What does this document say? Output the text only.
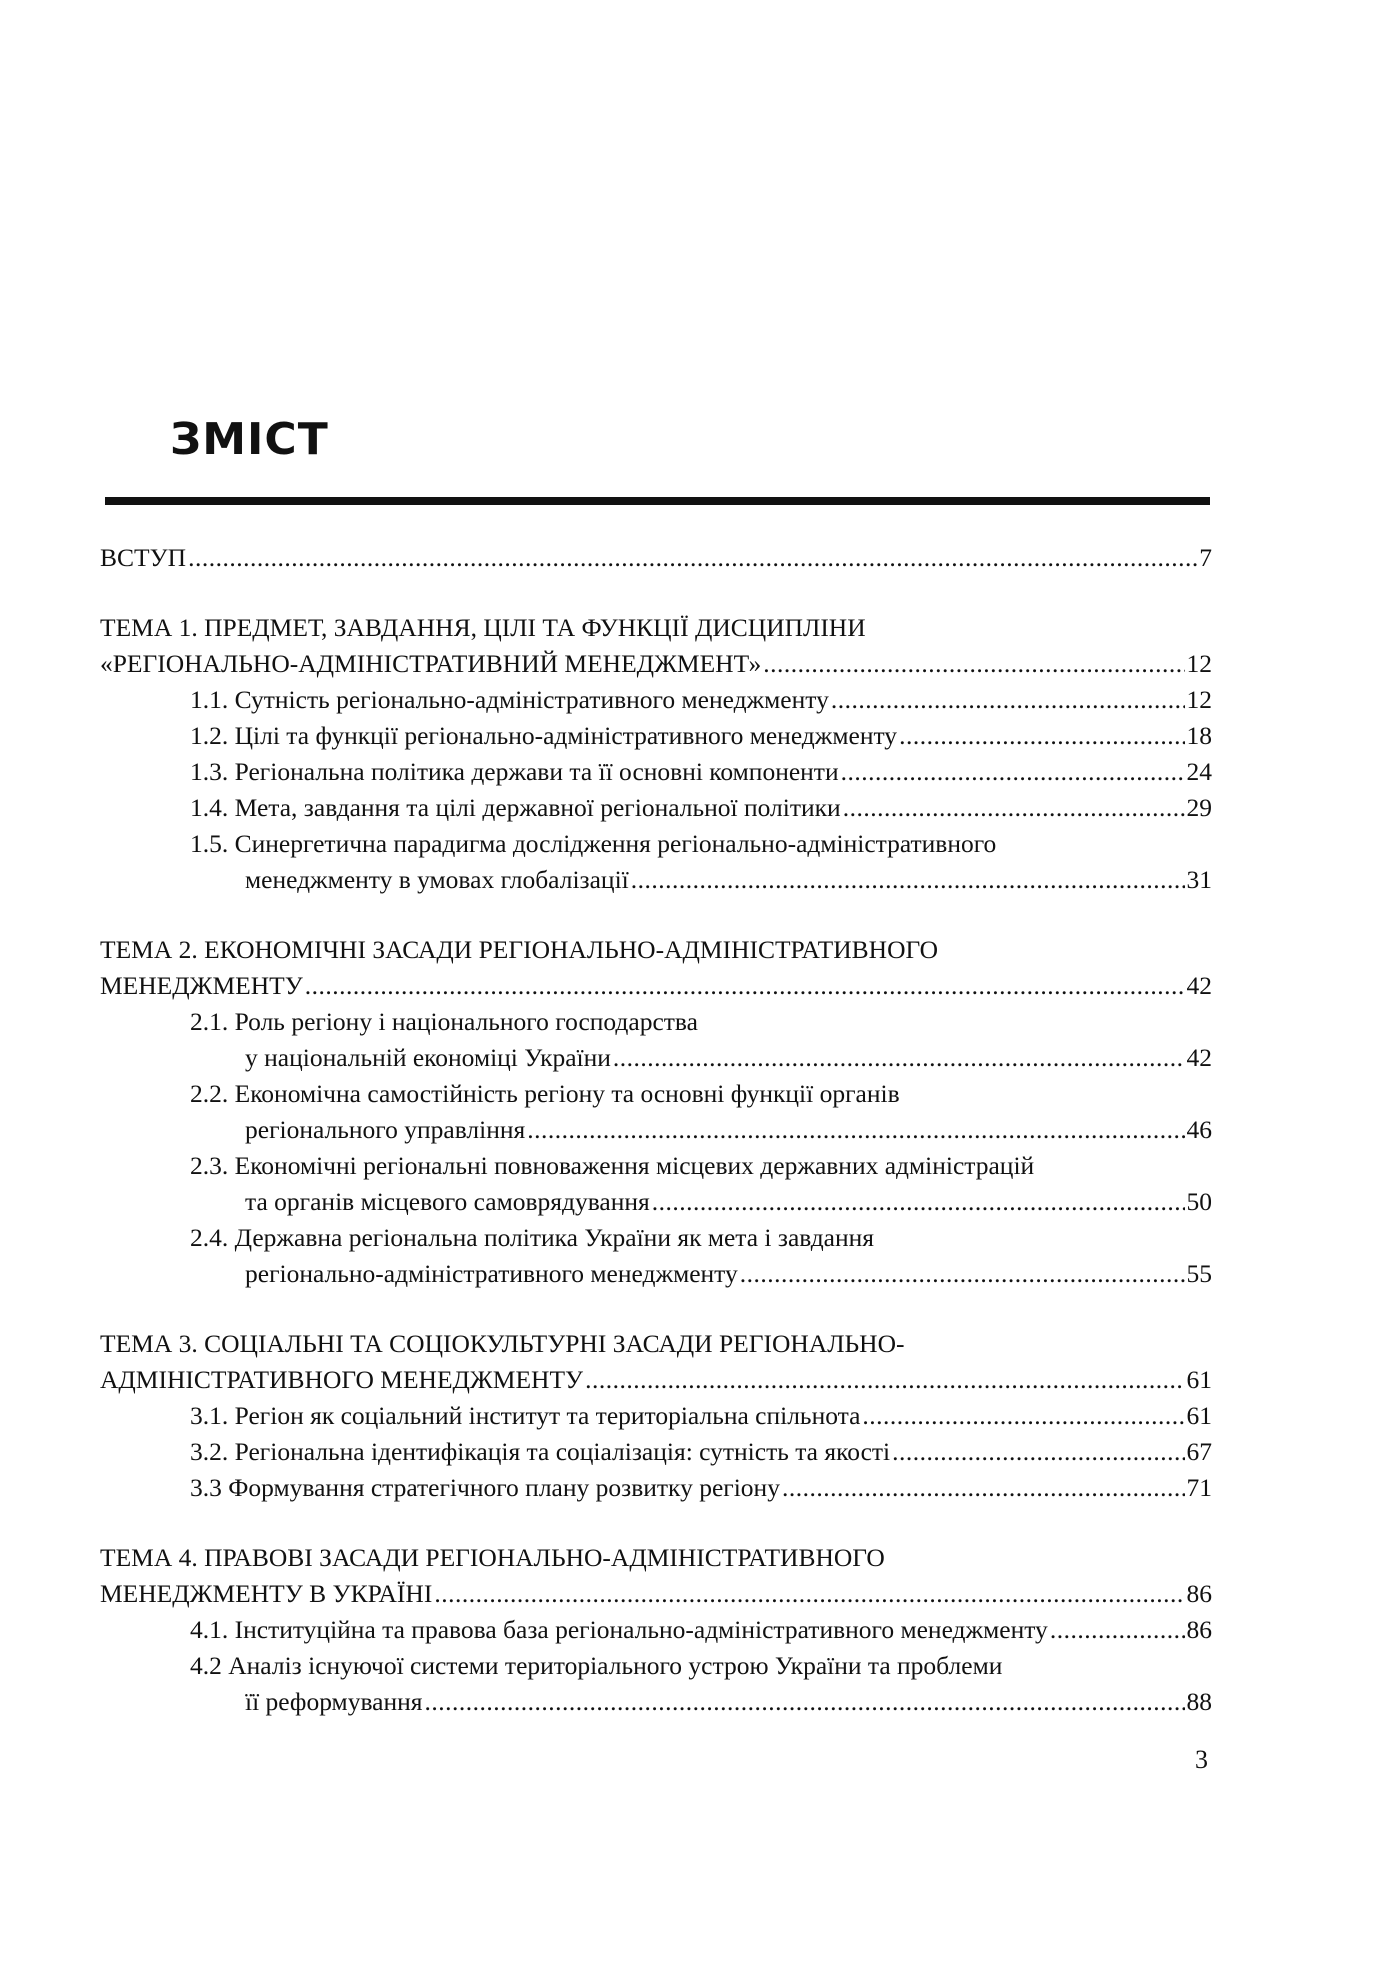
ЗМІСТ
ВСТУП .....	7
ТЕМА 1. ПРЕДМЕТ, ЗАВДАННЯ, ЦІЛІ ТА ФУНКЦІЇ ДИСЦИПЛІНИ
«РЕГІОНАЛЬНО-АДМІНІСТРАТИВНИЙ МЕНЕДЖМЕНТ» .....	12
1.1. Сутність регіонально-адміністративного менеджменту .....	12
1.2. Цілі та функції регіонально-адміністративного менеджменту .....	18
1.3. Регіональна політика держави та її основні компоненти .....	24
1.4. Мета, завдання та цілі державної регіональної політики .....	29
1.5. Синергетична парадигма дослідження регіонально-адміністративного
менеджменту в умовах глобалізації .....	31
ТЕМА 2. ЕКОНОМІЧНІ ЗАСАДИ РЕГІОНАЛЬНО-АДМІНІСТРАТИВНОГО
МЕНЕДЖМЕНТУ .....	42
2.1. Роль регіону і національного господарства
у національній економіці України .....	42
2.2. Економічна самостійність регіону та основні функції органів
регіонального управління .....	46
2.3. Економічні регіональні повноваження місцевих державних адміністрацій
та органів місцевого самоврядування .....	50
2.4. Державна регіональна політика України як мета і завдання
регіонально-адміністративного менеджменту .....	55
ТЕМА 3. СОЦІАЛЬНІ ТА СОЦІОКУЛЬТУРНІ ЗАСАДИ РЕГІОНАЛЬНО-
АДМІНІСТРАТИВНОГО МЕНЕДЖМЕНТУ .....	61
3.1. Регіон як соціальний інститут та територіальна спільнота .....	61
3.2. Регіональна ідентифікація та соціалізація: сутність та якості .....	67
3.3 Формування стратегічного плану розвитку регіону .....	71
ТЕМА 4. ПРАВОВІ ЗАСАДИ РЕГІОНАЛЬНО-АДМІНІСТРАТИВНОГО
МЕНЕДЖМЕНТУ В УКРАЇНІ .....	86
4.1. Інституційна та правова база регіонально-адміністративного менеджменту .....	86
4.2 Аналіз існуючої системи територіального устрою України та проблеми
її реформування .....	88
3
